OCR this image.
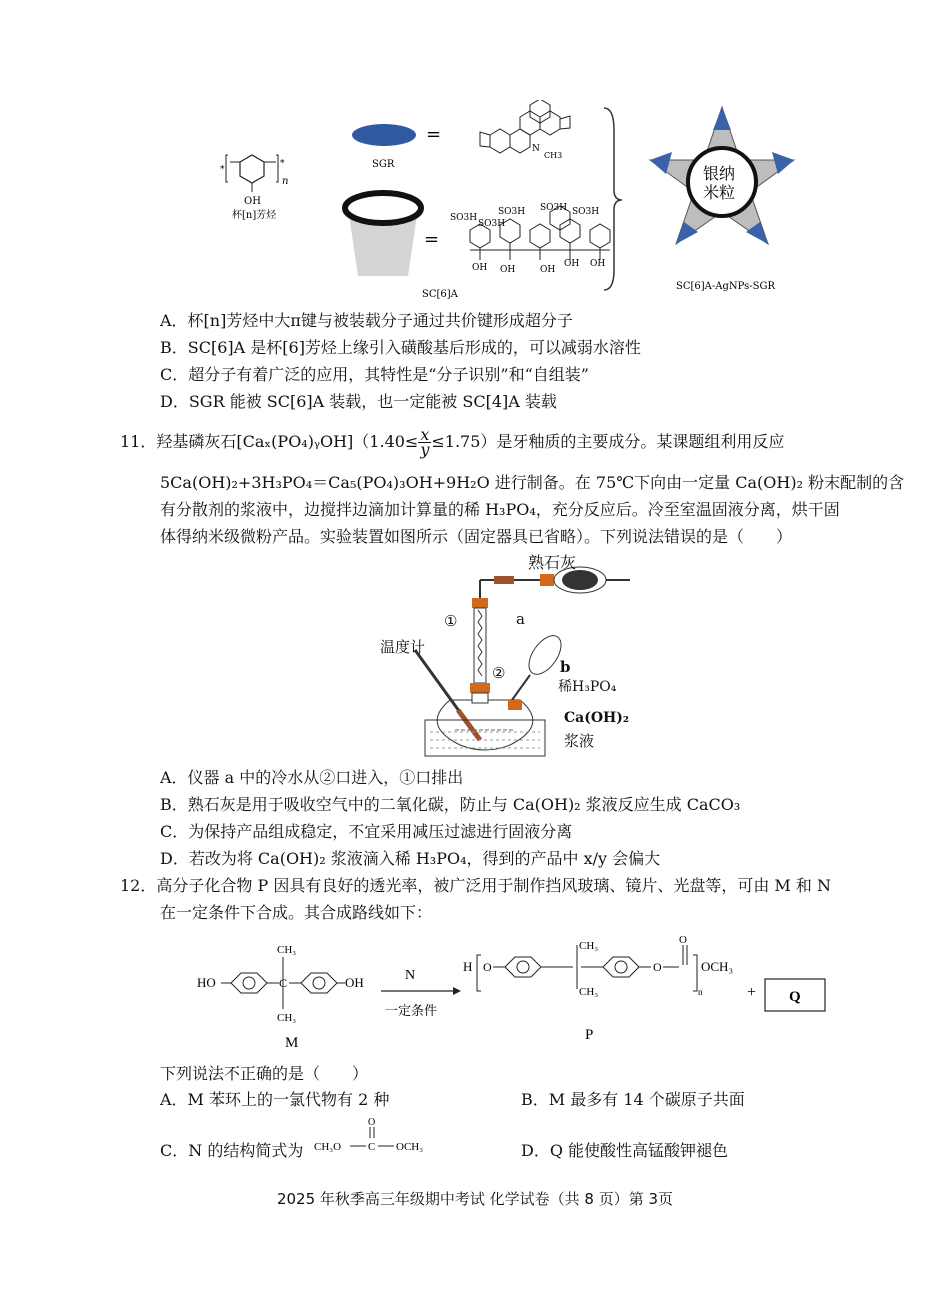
*
*
n
OH
杯[n]芳烃
SGR
=
N
CH3
=
SC[6]A
SO3H
SO3H
SO3H SO3H SO3H
OH OH	OH
OH OH
银纳
米粒
SC[6]A-AgNPs-SGR
A．杯[n]芳烃中大π键与被装载分子通过共价键形成超分子
B．SC[6]A 是杯[6]芳烃上缘引入磺酸基后形成的，可以减弱水溶性
C．超分子有着广泛的应用，其特性是“分子识别”和“自组装”
D．SGR 能被 SC[6]A 装载，也一定能被 SC[4]A 装载
11．羟基磷灰石[Caₓ(PO₄)ᵧOH]（1.40≤ $\frac{x}{y} \le 1.75$）是牙釉质的主要成分。某课题组利用反应
5Ca(OH)₂+3H₃PO₄＝Ca₅(PO₄)₃OH+9H₂O 进行制备。在 75℃下向由一定量 Ca(OH)₂ 粉末配制的含
有分散剂的浆液中，边搅拌边滴加计算量的稀 H₃PO₄，充分反应后。冷至室温固液分离，烘干固
体得纳米级微粉产品。实验装置如图所示（固定器具已省略）。下列说法错误的是（　　）
熟石灰
a
b
①
②
温度计
稀H₃PO₄
Ca(OH)₂
浆液
A．仪器 a 中的冷水从②口进入，①口排出
B．熟石灰是用于吸收空气中的二氧化碳，防止与 Ca(OH)₂ 浆液反应生成 CaCO₃
C．为保持产品组成稳定，不宜采用减压过滤进行固液分离
D．若改为将 Ca(OH)₂ 浆液滴入稀 H₃PO₄，得到的产品中 x/y 会偏大
12．高分子化合物 P 因具有良好的透光率，被广泛用于制作挡风玻璃、镜片、光盘等，可由 M 和 N
在一定条件下合成。其合成路线如下：
HO	C	OH
CH₃
CH₃
M
N
一定条件
H O
CH₃
CH₃
O
O
n
OCH₃
P
+ Q
下列说法不正确的是（　　）
A．M 苯环上的一氯代物有 2 种	B．M 最多有 14 个碳原子共面
C．N 的结构简式为
O
CH₃O C OCH₃	D．Q 能使酸性高锰酸钾褪色
2025 年秋季高三年级期中考试 化学试卷（共 8 页）第 3页
